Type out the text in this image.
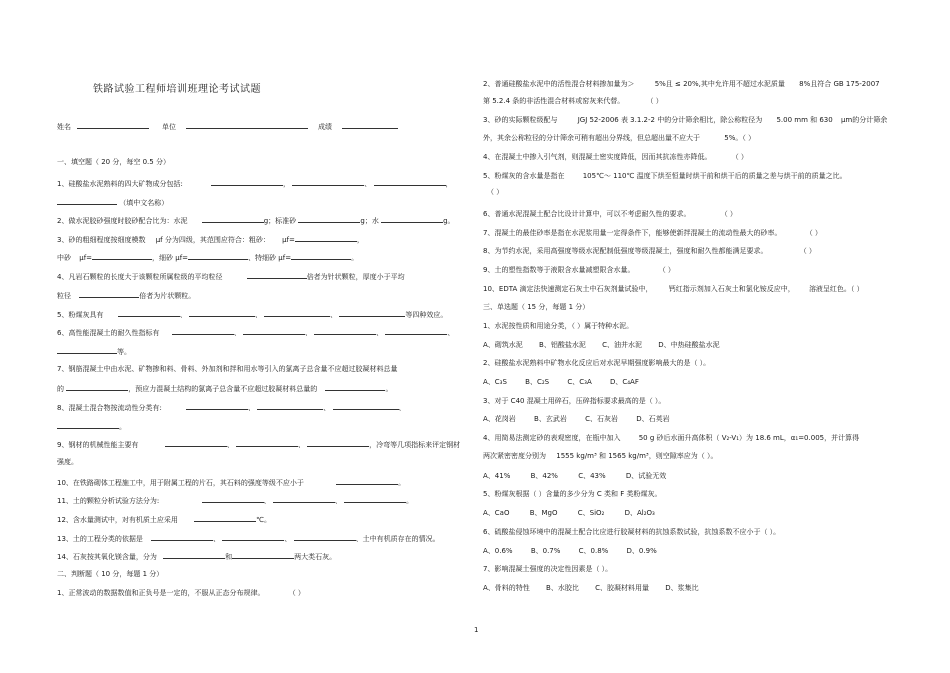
铁路试验工程师培训班理论考试试题
姓名	单位	成绩
一、填空题（ 20 分，每空 0.5 分）
1、硅酸盐水泥熟料的四大矿物成分包括:	，	、	，
（填中文名称）
2、做水泥胶砂强度时胶砂配合比为：水泥	g；标准砂	g；水	g。
3、砂的粗细程度按细度模数 μf 分为四级，其范围应符合：粗砂： μf=	，
中砂 μf=	，细砂 μf=	、特细砂 μf=	。
4、凡岩石颗粒的长度大于该颗粒所属粒级的平均粒径	倍者为针状颗粒，厚度小于平均
粒径	倍者为片状颗粒。
5、粉煤灰具有	、	、	、	等四种效应。
6、高性能混凝土的耐久性指标有	、	、	、	、
等。
7、钢筋混凝土中由水泥、矿物掺和料、骨料、外加剂和拌和用水等引入的氯离子总含量不应超过胶凝材料总量
的	，预应力混凝土结构的氯离子总含量不应超过胶凝材料总量的	。
8、混凝土混合物按流动性分类有:	、	、	、
。
9、钢材的机械性能主要有	、	、	，冷弯等几项指标来评定钢材
强度。
10、在铁路砌体工程施工中，用于附属工程的片石，其石料的强度等级不应小于	。
11、土的颗粒分析试验方法分为:	、	、	。
12、含水量测试中，对有机质土应采用	℃。
13、土的工程分类的依据是	、	、	、土中有机质存在的情况。
14、石灰按其氧化镁含量，分为	和	两大类石灰。
二、判断题（ 10 分，每题 1 分）
1、正常波动的数据数值和正负号是一定的，不服从正态分布规律。	（ ）
2、普通硅酸盐水泥中的活性混合材料掺加量为＞	5%且 ≤ 20%,其中允许用不超过水泥质量 8%且符合 GB 175-2007
第 5.2.4 条的非活性混合材料或窑灰来代替。	（ ）
3、砂的实际颗粒级配与	JGJ 52-2006 表 3.1.2-2 中的分计筛余相比，除公称粒径为 5.00 mm 和 630 μm的分计筛余
外，其余公称粒径的分计筛余可稍有超出分界线，但总超出量不应大于	5%。（ ）
4、在混凝土中掺入引气剂，则混凝土密实度降低，因而其抗冻性亦降低。	（ ）
5、粉煤灰的含水量是指在	105℃～ 110℃ 温度下烘至恒量时烘干前和烘干后的质量之差与烘干前的质量之比。
（ ）
6、普通水泥混凝土配合比设计计算中，可以不考虑耐久性的要求。	（ ）
7、混凝土的最佳砂率是指在水泥浆用量一定得条件下，能够使新拌混凝土的流动性最大的砂率。	（ ）
8、为节约水泥，采用高强度等级水泥配制低强度等级混凝土，强度和耐久性都能满足要求。	（ ）
9、土的塑性指数等于液限含水量减塑限含水量。	（ ）
10、EDTA 滴定法快速测定石灰土中石灰剂量试验中， 钙红指示剂加入石灰土和氯化铵反应中， 溶液呈红色。（ ）
三、单选题（ 15 分，每题 1 分）
1、水泥按性质和用途分类，（ ）属于特种水泥。
A、砌筑水泥 B、铝酸盐水泥 C、油井水泥 D、中热硅酸盐水泥
2、硅酸盐水泥熟料中矿物水化反应后对水泥早期强度影响最大的是（ ）。
A、C₃S	B、C₂S	C、C₃A	D、C₄AF
3、对于 C40 混凝土用碎石，压碎指标要求最高的是（ ）。
A、花岗岩	B、玄武岩	C、石灰岩	D、石英岩
4、用简易法测定砂的表观密度，在瓶中加入	50 g 砂后水面升高体积（ V₂-V₁）为 18.6 mL，α₁=0.005，并计算得
两次紧密密度分别为 1555 kg/m³ 和 1565 kg/m³，则空隙率应为（ ）。
A、41%	B、42%	C、43%	D、试验无效
5、粉煤灰根据（ ）含量的多少分为 C 类和 F 类粉煤灰。
A、CaO	B、MgO	C、SiO₂	D、Al₂O₃
6、硫酸盐侵蚀环境中的混凝土配合比应进行胶凝材料的抗蚀系数试验，抗蚀系数不应小于（ ）。
A、0.6%	B、0.7%	C、0.8%	D、0.9%
7、影响混凝土强度的决定性因素是（ ）。
A、骨料的特性 B、水胶比 C、胶凝材料用量 D、浆集比
1
